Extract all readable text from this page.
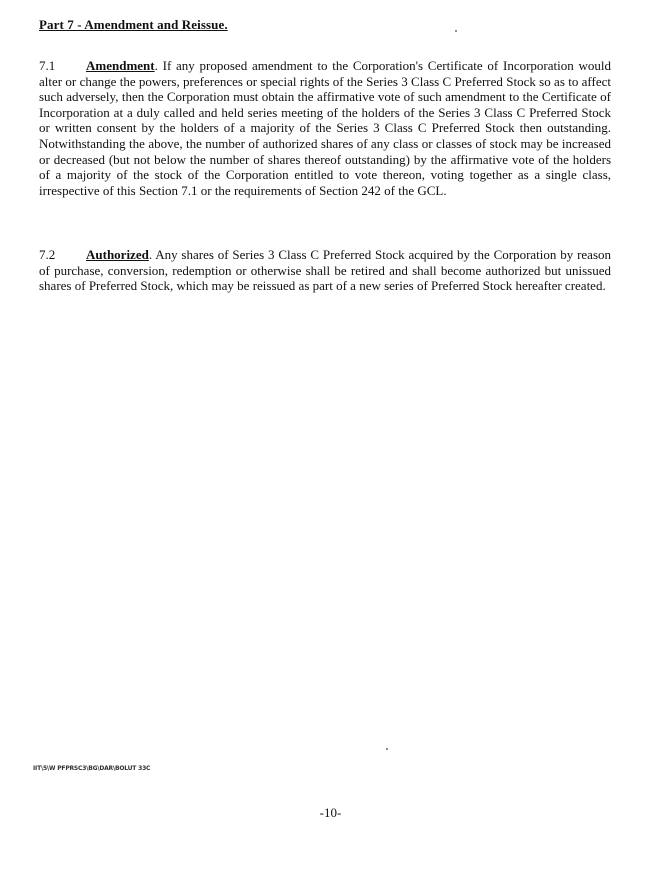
Part 7 - Amendment and Reissue.
7.1 Amendment. If any proposed amendment to the Corporation's Certificate of Incorporation would alter or change the powers, preferences or special rights of the Series 3 Class C Preferred Stock so as to affect such adversely, then the Corporation must obtain the affirmative vote of such amendment to the Certificate of Incorporation at a duly called and held series meeting of the holders of the Series 3 Class C Preferred Stock or written consent by the holders of a majority of the Series 3 Class C Preferred Stock then outstanding. Notwithstanding the above, the number of authorized shares of any class or classes of stock may be increased or decreased (but not below the number of shares thereof outstanding) by the affirmative vote of the holders of a majority of the stock of the Corporation entitled to vote thereon, voting together as a single class, irrespective of this Section 7.1 or the requirements of Section 242 of the GCL.
7.2 Authorized. Any shares of Series 3 Class C Preferred Stock acquired by the Corporation by reason of purchase, conversion, redemption or otherwise shall be retired and shall become authorized but unissued shares of Preferred Stock, which may be reissued as part of a new series of Preferred Stock hereafter created.
IIT\5\W PFPRSC3\BG\DAR\BOLUT 33C
-10-
